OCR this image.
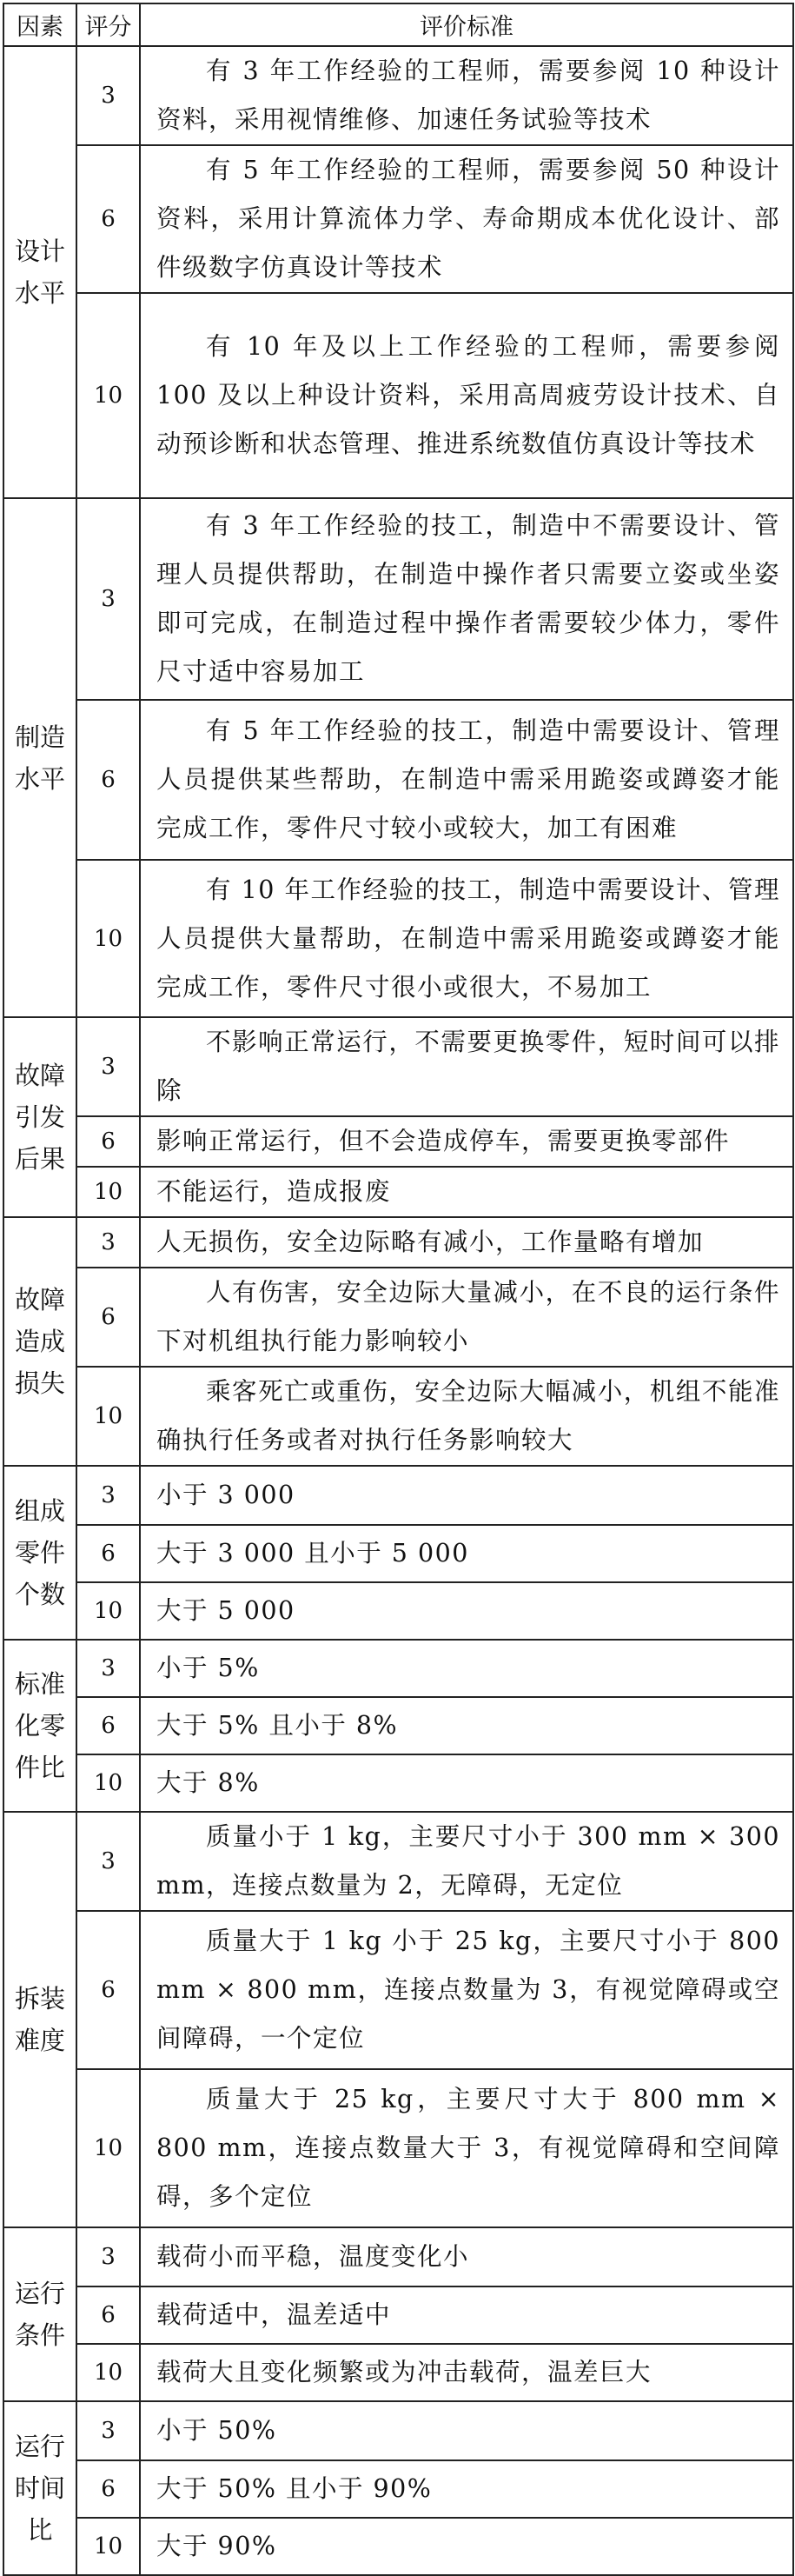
因素	评分	评价标准
设计水平	3	有 3 年工作经验的工程师，需要参阅 10 种设计资料，采用视情维修、加速任务试验等技术
	6	有 5 年工作经验的工程师，需要参阅 50 种设计资料，采用计算流体力学、寿命期成本优化设计、部件级数字仿真设计等技术
	10	有 10 年及以上工作经验的工程师，需要参阅 100 及以上种设计资料，采用高周疲劳设计技术、自动预诊断和状态管理、推进系统数值仿真设计等技术
制造水平	3	有 3 年工作经验的技工，制造中不需要设计、管理人员提供帮助，在制造中操作者只需要立姿或坐姿即可完成，在制造过程中操作者需要较少体力，零件尺寸适中容易加工
	6	有 5 年工作经验的技工，制造中需要设计、管理人员提供某些帮助，在制造中需采用跪姿或蹲姿才能完成工作，零件尺寸较小或较大，加工有困难
	10	有 10 年工作经验的技工，制造中需要设计、管理人员提供大量帮助，在制造中需采用跪姿或蹲姿才能完成工作，零件尺寸很小或很大，不易加工
故障引发后果	3	不影响正常运行，不需要更换零件，短时间可以排除
	6	影响正常运行，但不会造成停车，需要更换零部件
	10	不能运行，造成报废
故障造成损失	3	人无损伤，安全边际略有减小，工作量略有增加
	6	人有伤害，安全边际大量减小，在不良的运行条件下对机组执行能力影响较小
	10	乘客死亡或重伤，安全边际大幅减小，机组不能准确执行任务或者对执行任务影响较大
组成零件个数	3	小于 3 000
	6	大于 3 000 且小于 5 000
	10	大于 5 000
标准化零件比	3	小于 5%
	6	大于 5% 且小于 8%
	10	大于 8%
拆装难度	3	质量小于 1 kg，主要尺寸小于 300 mm × 300 mm，连接点数量为 2，无障碍，无定位
	6	质量大于 1 kg 小于 25 kg，主要尺寸小于 800 mm × 800 mm，连接点数量为 3，有视觉障碍或空间障碍，一个定位
	10	质量大于 25 kg，主要尺寸大于 800 mm × 800 mm，连接点数量大于 3，有视觉障碍和空间障碍，多个定位
运行条件	3	载荷小而平稳，温度变化小
	6	载荷适中，温差适中
	10	载荷大且变化频繁或为冲击载荷，温差巨大
运行时间比	3	小于 50%
	6	大于 50% 且小于 90%
	10	大于 90%
